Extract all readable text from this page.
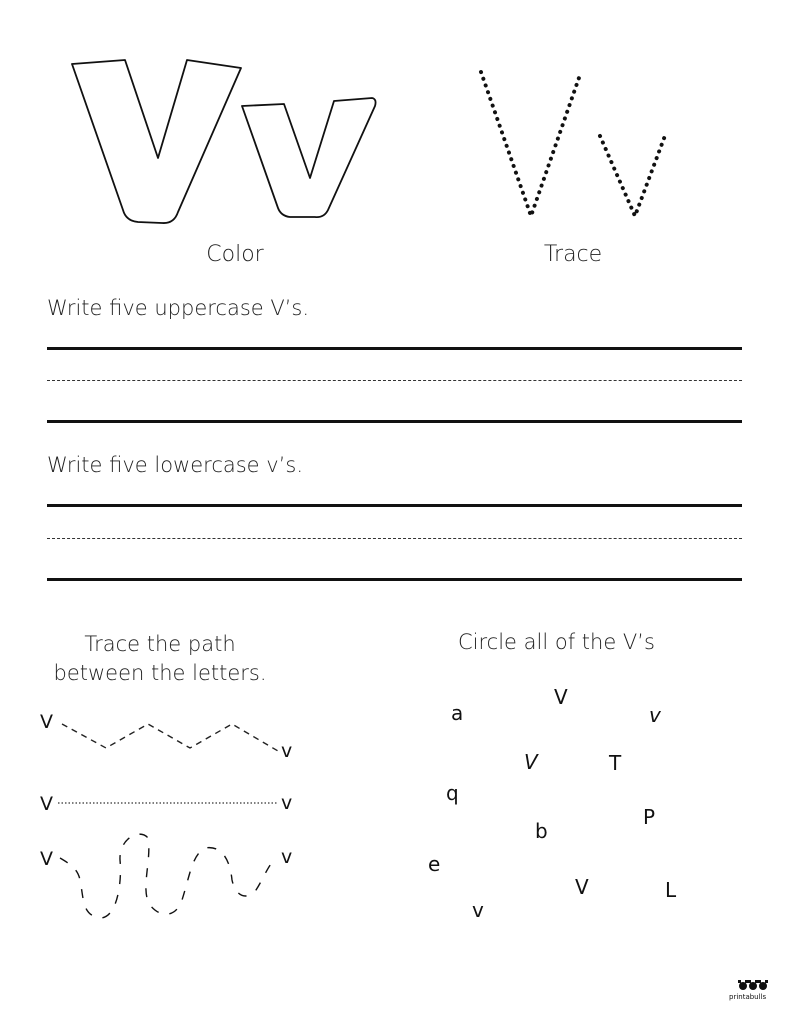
Color	Trace
Write five uppercase V’s.
Write five lowercase v’s.
Trace the path
between the letters.
V
v
V	v
V	v
Circle all of the V’s
a
V
v
V	T
q
P
b
e
V	L
v
printabulls
